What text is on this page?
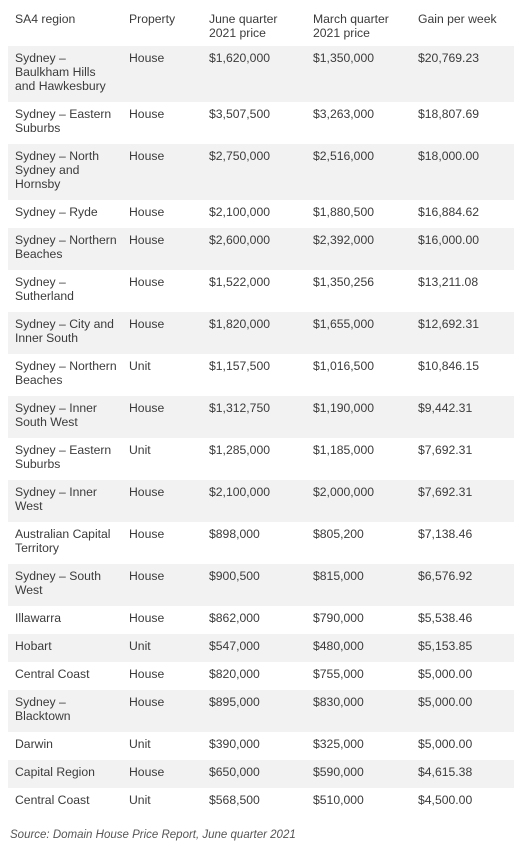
SA4 region	Property	June quarter 2021 price	March quarter 2021 price	Gain per week
Sydney – Baulkham Hills and Hawkesbury	House	$1,620,000	$1,350,000	$20,769.23
Sydney – Eastern Suburbs	House	$3,507,500	$3,263,000	$18,807.69
Sydney – North Sydney and Hornsby	House	$2,750,000	$2,516,000	$18,000.00
Sydney – Ryde	House	$2,100,000	$1,880,500	$16,884.62
Sydney – Northern Beaches	House	$2,600,000	$2,392,000	$16,000.00
Sydney – Sutherland	House	$1,522,000	$1,350,256	$13,211.08
Sydney – City and Inner South	House	$1,820,000	$1,655,000	$12,692.31
Sydney – Northern Beaches	Unit	$1,157,500	$1,016,500	$10,846.15
Sydney – Inner South West	House	$1,312,750	$1,190,000	$9,442.31
Sydney – Eastern Suburbs	Unit	$1,285,000	$1,185,000	$7,692.31
Sydney – Inner West	House	$2,100,000	$2,000,000	$7,692.31
Australian Capital Territory	House	$898,000	$805,200	$7,138.46
Sydney – South West	House	$900,500	$815,000	$6,576.92
Illawarra	House	$862,000	$790,000	$5,538.46
Hobart	Unit	$547,000	$480,000	$5,153.85
Central Coast	House	$820,000	$755,000	$5,000.00
Sydney – Blacktown	House	$895,000	$830,000	$5,000.00
Darwin	Unit	$390,000	$325,000	$5,000.00
Capital Region	House	$650,000	$590,000	$4,615.38
Central Coast	Unit	$568,500	$510,000	$4,500.00
Source: Domain House Price Report, June quarter 2021
